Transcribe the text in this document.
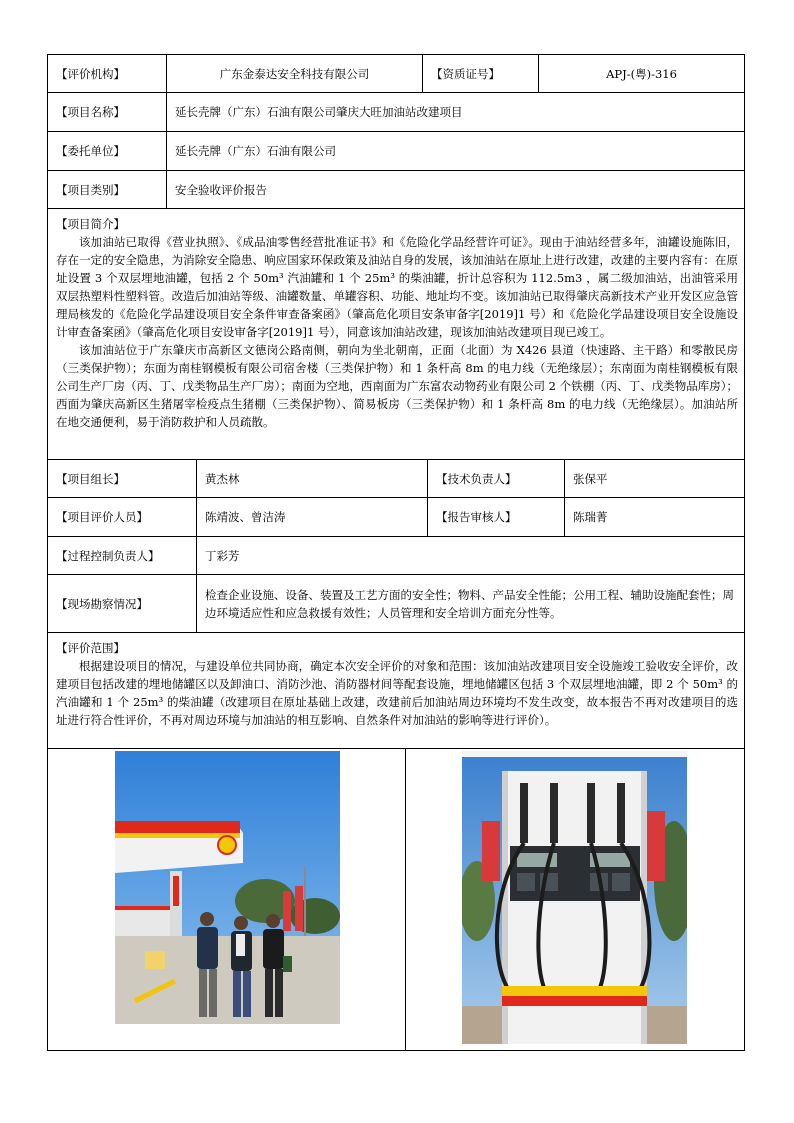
【评价机构】	广东金泰达安全科技有限公司	【资质证号】	APJ-(粤)-316
【项目名称】	延长壳牌（广东）石油有限公司肇庆大旺加油站改建项目
【委托单位】	延长壳牌（广东）石油有限公司
【项目类别】	安全验收评价报告

【项目简介】

该加油站已取得《营业执照》、《成品油零售经营批准证书》和《危险化学品经营许可证》。现由于油站经营多年，油罐设施陈旧，存在一定的安全隐患，为消除安全隐患、响应国家环保政策及油站自身的发展，该加油站在原址上进行改建，改建的主要内容有：在原址设置 3 个双层埋地油罐，包括 2 个 50m³ 汽油罐和 1 个 25m³ 的柴油罐，折计总容积为 112.5m3 ，属二级加油站，出油管采用双层热塑料性塑料管。改造后加油站等级、油罐数量、单罐容积、功能、地址均不变。该加油站已取得肇庆高新技术产业开发区应急管理局核发的《危险化学品建设项目安全条件审查备案函》（肇高危化项目安条审备字[2019]1 号）和《危险化学品建设项目安全设施设计审查备案函》（肇高危化项目安设审备字[2019]1 号），同意该加油站改建，现该加油站改建项目现已竣工。

该加油站位于广东肇庆市高新区文德岗公路南侧，朝向为坐北朝南，正面（北面）为 X426 县道（快速路、主干路）和零散民房（三类保护物）；东面为南桂钢模板有限公司宿舍楼（三类保护物）和 1 条杆高 8m 的电力线（无绝缘层）；东南面为南桂钢模板有限公司生产厂房（丙、丁、戊类物品生产厂房）；南面为空地，西南面为广东富农动物药业有限公司 2 个铁棚（丙、丁、戊类物品库房）；西面为肇庆高新区生猪屠宰检疫点生猪棚（三类保护物）、简易板房（三类保护物）和 1 条杆高 8m 的电力线（无绝缘层）。加油站所在地交通便利，易于消防救护和人员疏散。

【项目组长】	黄杰林	【技术负责人】	张保平
【项目评价人员】	陈靖波、曾洁涛	【报告审核人】	陈瑞菁
【过程控制负责人】	丁彩芳
【现场勘察情况】
检查企业设施、设备、装置及工艺方面的安全性；物料、产品安全性能；公用工程、辅助设施配套性；周边环境适应性和应急救援有效性；人员管理和安全培训方面充分性等。

【评价范围】

根据建设项目的情况，与建设单位共同协商，确定本次安全评价的对象和范围：该加油站改建项目安全设施竣工验收安全评价，改建项目包括改建的埋地储罐区以及卸油口、消防沙池、消防器材间等配套设施，埋地储罐区包括 3 个双层埋地油罐，即 2 个 50m³ 的汽油罐和 1 个 25m³ 的柴油罐（改建项目在原址基础上改建，改建前后加油站周边环境均不发生改变，故本报告不再对改建项目的选址进行符合性评价，不再对周边环境与加油站的相互影响、自然条件对加油站的影响等进行评价）。
